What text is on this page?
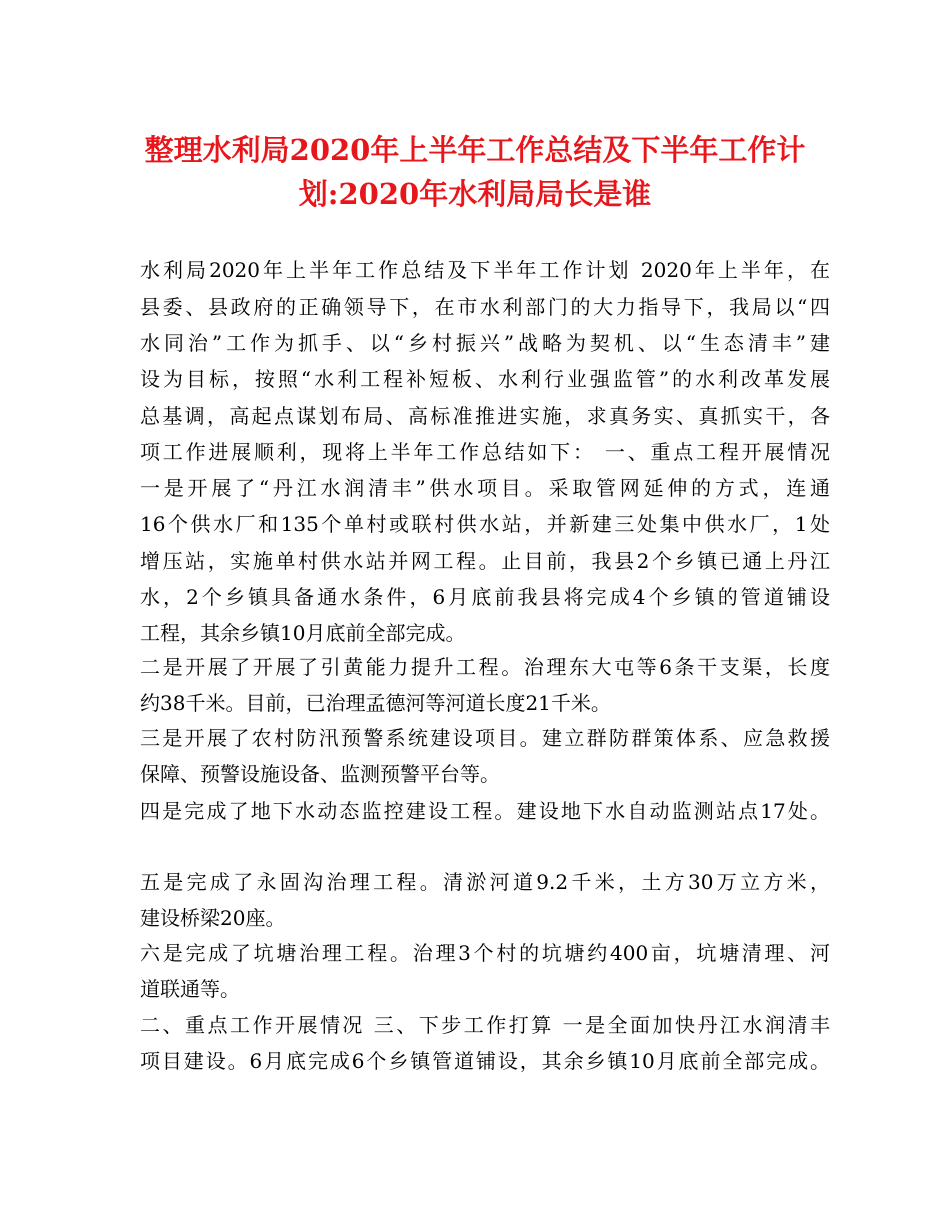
整理水利局2020年上半年工作总结及下半年工作计
划:2020年水利局局长是谁
水利局2020年上半年工作总结及下半年工作计划 2020年上半年，在
县委、县政府的正确领导下，在市水利部门的大力指导下，我局以“四
水同治”工作为抓手、以“乡村振兴”战略为契机、以“生态清丰”建
设为目标，按照“水利工程补短板、水利行业强监管”的水利改革发展
总基调，高起点谋划布局、高标准推进实施，求真务实、真抓实干，各
项工作进展顺利，现将上半年工作总结如下： 一、重点工程开展情况
一是开展了“丹江水润清丰”供水项目。采取管网延伸的方式，连通
16个供水厂和135个单村或联村供水站，并新建三处集中供水厂，1处
增压站，实施单村供水站并网工程。止目前，我县2个乡镇已通上丹江
水，2个乡镇具备通水条件，6月底前我县将完成4个乡镇的管道铺设
工程，其余乡镇10月底前全部完成。
二是开展了开展了引黄能力提升工程。治理东大屯等6条干支渠，长度
约38千米。目前，已治理孟德河等河道长度21千米。
三是开展了农村防汛预警系统建设项目。建立群防群策体系、应急救援
保障、预警设施设备、监测预警平台等。
四是完成了地下水动态监控建设工程。建设地下水自动监测站点17处。
五是完成了永固沟治理工程。清淤河道9.2千米，土方30万立方米，
建设桥梁20座。
六是完成了坑塘治理工程。治理3个村的坑塘约400亩，坑塘清理、河
道联通等。
二、重点工作开展情况 三、下步工作打算 一是全面加快丹江水润清丰
项目建设。6月底完成6个乡镇管道铺设，其余乡镇10月底前全部完成。
